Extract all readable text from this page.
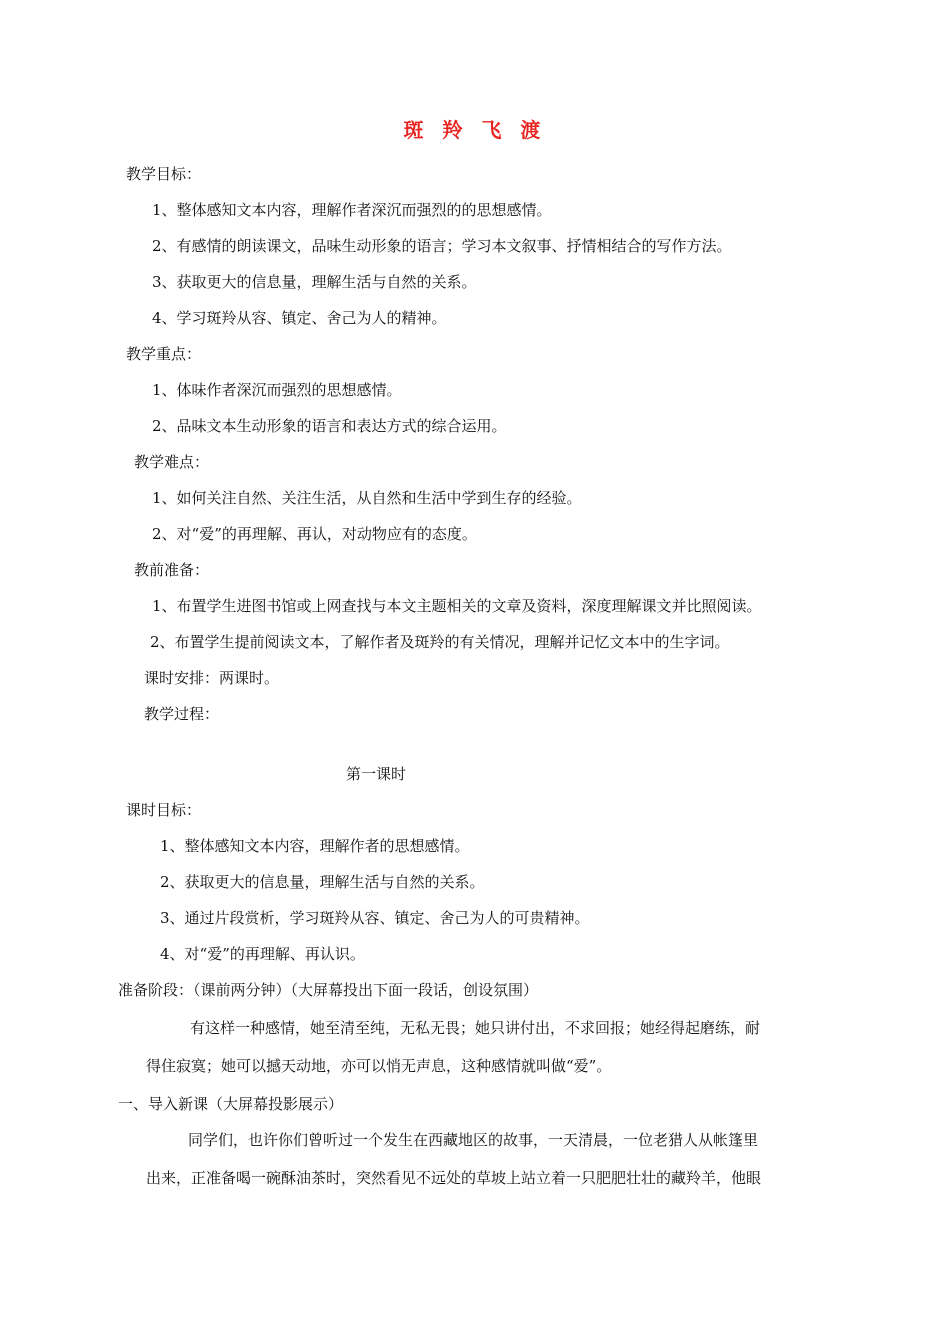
斑 羚 飞 渡
教学目标：
1、整体感知文本内容，理解作者深沉而强烈的的思想感情。
2、有感情的朗读课文，品味生动形象的语言；学习本文叙事、抒情相结合的写作方法。
3、获取更大的信息量，理解生活与自然的关系。
4、学习斑羚从容、镇定、舍己为人的精神。
教学重点：
1、体味作者深沉而强烈的思想感情。
2、品味文本生动形象的语言和表达方式的综合运用。
教学难点：
1、如何关注自然、关注生活，从自然和生活中学到生存的经验。
2、对“爱”的再理解、再认，对动物应有的态度。
教前准备：
1、布置学生进图书馆或上网查找与本文主题相关的文章及资料，深度理解课文并比照阅读。
2、布置学生提前阅读文本，了解作者及斑羚的有关情况，理解并记忆文本中的生字词。
课时安排：两课时。
教学过程：
第一课时
课时目标：
1、整体感知文本内容，理解作者的思想感情。
2、获取更大的信息量，理解生活与自然的关系。
3、通过片段赏析，学习斑羚从容、镇定、舍己为人的可贵精神。
4、对“爱”的再理解、再认识。
准备阶段：（课前两分钟）（大屏幕投出下面一段话，创设氛围）
有这样一种感情，她至清至纯，无私无畏；她只讲付出，不求回报；她经得起磨练，耐
得住寂寞；她可以撼天动地，亦可以悄无声息，这种感情就叫做“爱”。
一、导入新课（大屏幕投影展示）
同学们，也许你们曾听过一个发生在西藏地区的故事，一天清晨，一位老猎人从帐篷里
出来，正准备喝一碗酥油茶时，突然看见不远处的草坡上站立着一只肥肥壮壮的藏羚羊，他眼
